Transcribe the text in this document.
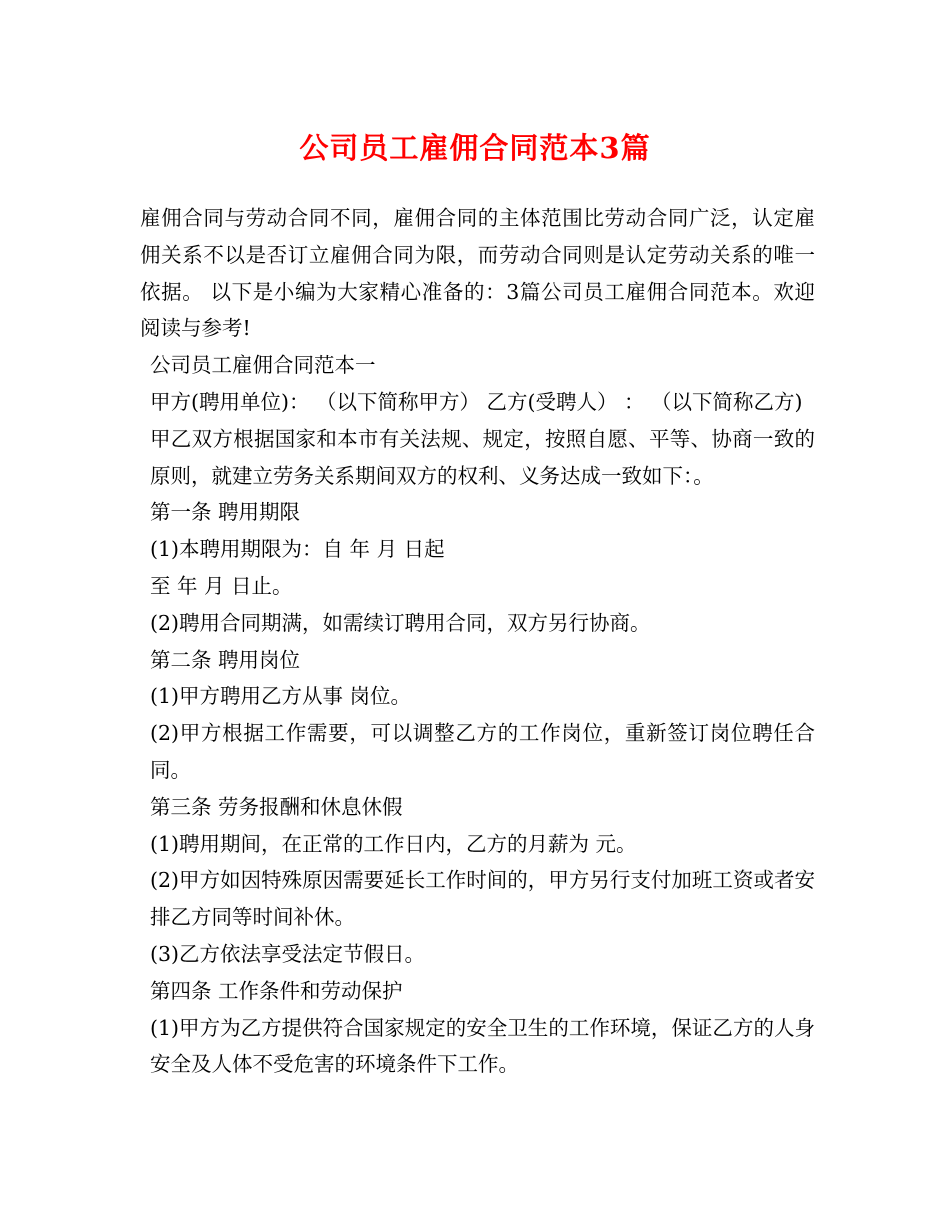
公司员工雇佣合同范本3篇

雇佣合同与劳动合同不同，雇佣合同的主体范围比劳动合同广泛，认定雇佣关系不以是否订立雇佣合同为限，而劳动合同则是认定劳动关系的唯一依据。 以下是小编为大家精心准备的：3篇公司员工雇佣合同范本。欢迎阅读与参考!

公司员工雇佣合同范本一

甲方(聘用单位)： （以下简称甲方） 乙方(受聘人） ： （以下简称乙方)

甲乙双方根据国家和本市有关法规、规定，按照自愿、平等、协商一致的原则，就建立劳务关系期间双方的权利、义务达成一致如下：。

第一条 聘用期限

(1)本聘用期限为：自 年 月 日起

至 年 月 日止。

(2)聘用合同期满，如需续订聘用合同，双方另行协商。

第二条 聘用岗位

(1)甲方聘用乙方从事 岗位。

(2)甲方根据工作需要，可以调整乙方的工作岗位，重新签订岗位聘任合同。

第三条 劳务报酬和休息休假

(1)聘用期间，在正常的工作日内，乙方的月薪为 元。

(2)甲方如因特殊原因需要延长工作时间的，甲方另行支付加班工资或者安排乙方同等时间补休。

(3)乙方依法享受法定节假日。

第四条 工作条件和劳动保护

(1)甲方为乙方提供符合国家规定的安全卫生的工作环境，保证乙方的人身安全及人体不受危害的环境条件下工作。
